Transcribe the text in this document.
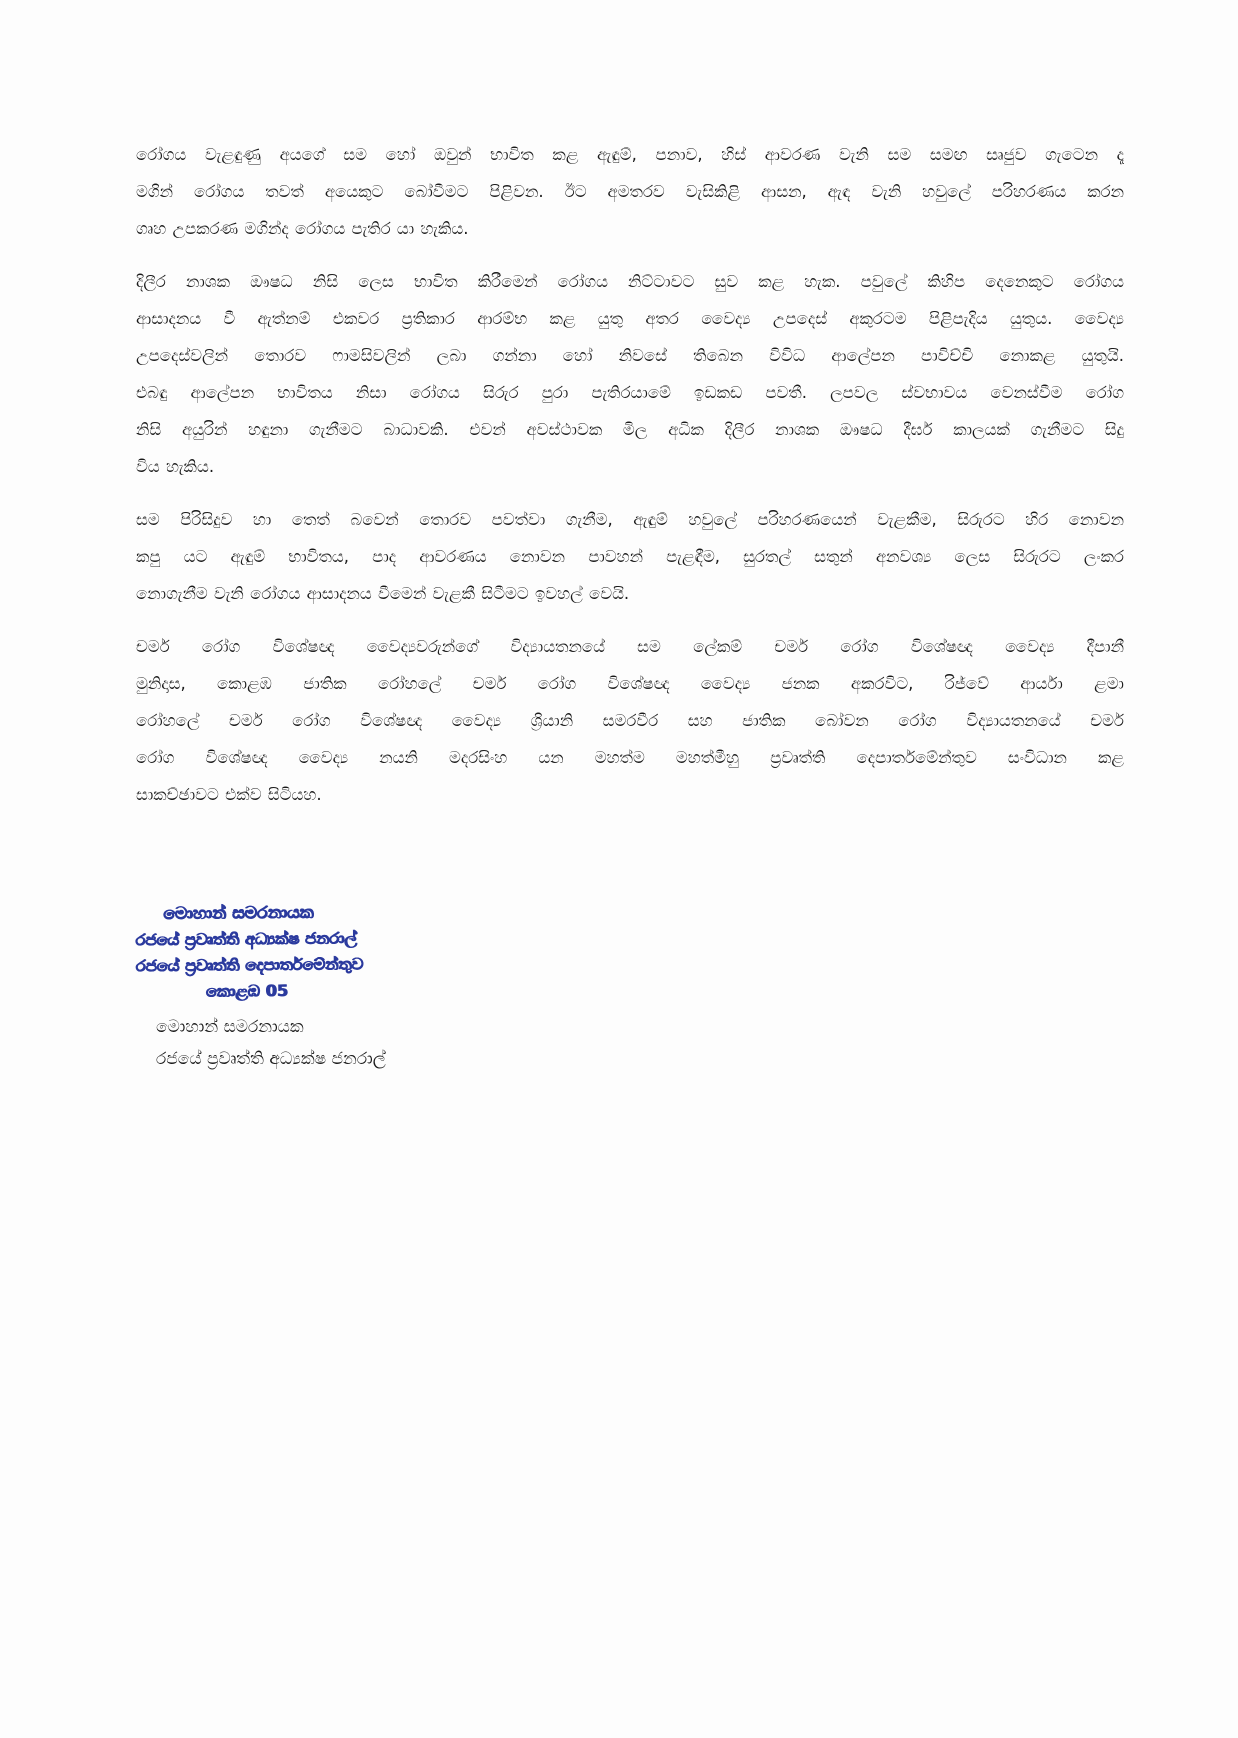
රෝගය වැළඳුණු අයගේ සම හෝ ඔවුන් භාවිත කළ ඇඳුම්, පනාව, හිස් ආවරණ වැනි සම සමඟ සෘජුව ගැටෙන දෑ
මගින් රෝගය තවත් අයෙකුට බෝවීමට පිළිවන. ඊට අමතරව වැසිකිළි ආසන, ඇඳ වැනි හවුලේ පරිහරණය කරන
ගෘහ උපකරණ මගින්ද රෝගය පැතිර යා හැකිය.

දිලීර නාශක ඖෂධ නිසි ලෙස භාවිත කිරීමෙන් රෝගය නිට්ටාවට සුව කළ හැක. පවුලේ කිහිප දෙනෙකුට රෝගය
ආසාදනය වී ඇත්නම් එකවර ප්‍රතිකාර ආරම්භ කළ යුතු අතර වෛද්‍ය උපදෙස් අකුරටම පිළිපැදිය යුතුය. වෛද්‍ය
උපදෙස්වලින් තොරව ෆාමසිවලින් ලබා ගන්නා හෝ නිවසේ තිබෙන විවිධ ආලේපන පාවිච්චි නොකළ යුතුයි.
එබඳු ආලේපන භාවිතය නිසා රෝගය සිරුර පුරා පැතිරයාමේ ඉඩකඩ පවතී. ලපවල ස්වභාවය වෙනස්වීම රෝග
නිසි අයුරින් හඳුනා ගැනීමට බාධාවකි. එවන් අවස්ථාවක මිල අධික දිලීර නාශක ඖෂධ දීර්ඝ කාලයක් ගැනීමට සිදු
විය හැකිය.

සම පිරිසිදුව හා තෙත් බවෙන් තොරව පවත්වා ගැනීම, ඇඳුම් හවුලේ පරිහරණයෙන් වැළකීම, සිරුරට හිර නොවන
කපු යට ඇඳුම් භාවිතය, පාද ආවරණය නොවන පාවහන් පැළඳීම, සුරතල් සතුන් අනවශ්‍ය ලෙස සිරුරට ලංකර
නොගැනීම වැනි රෝගය ආසාදනය වීමෙන් වැළකී සිටීමට ඉවහල් වෙයි.

චර්ම රෝග විශේෂඥ වෛද්‍යවරුන්ගේ විද්‍යායතනයේ සම ලේකම් චර්ම රෝග විශේෂඥ වෛද්‍ය දීපානී
මුනිදාස, කොළඹ ජාතික රෝහලේ චර්ම රෝග විශේෂඥ වෛද්‍ය ජනක අකරවිට, රිජ්වේ ආර්යා ළමා
රෝහලේ චර්ම රෝග විශේෂඥ වෛද්‍ය ශ්‍රියානි සමරවීර සහ ජාතික බෝවන රෝග විද්‍යායතනයේ චර්ම
රෝග විශේෂඥ වෛද්‍ය නයනි මදරසිංහ යන මහත්ම මහත්මීහු ප්‍රවෘත්ති දෙපාර්තමේන්තුව සංවිධාන කළ
සාකච්ඡාවට එක්ව සිටියහ.

මොහාන් සමරනායක
රජයේ ප්‍රවෘත්ති අධ්‍යක්ෂ ජනරාල්
රජයේ ප්‍රවෘත්ති දෙපාර්තමේන්තුව
කොළඹ 05
මොහාන් සමරනායක
රජයේ ප්‍රවෘත්ති අධ්‍යක්ෂ ජනරාල්
